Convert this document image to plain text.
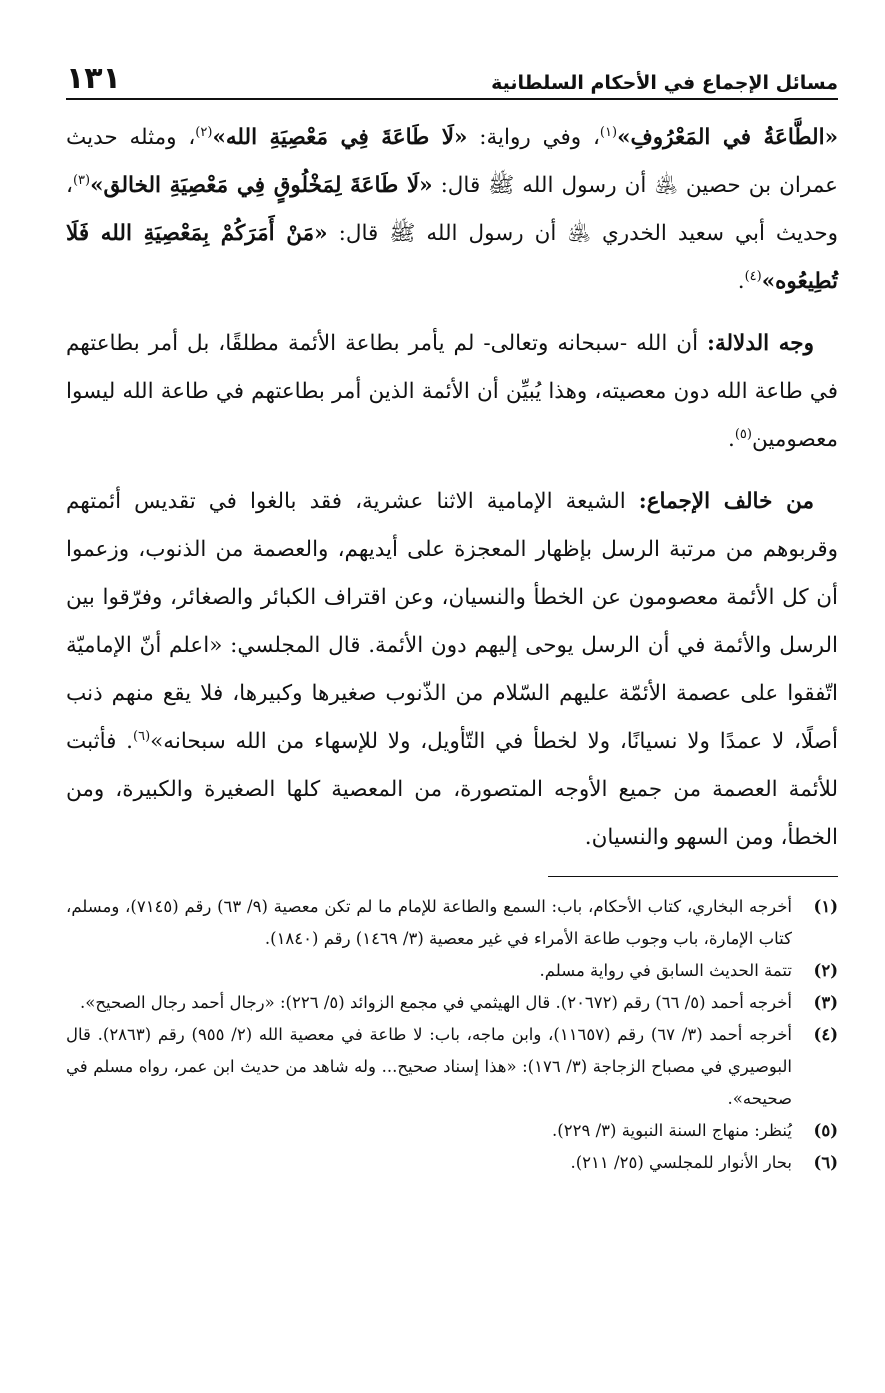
مسائل الإجماع في الأحكام السلطانية
١٣١

«الطَّاعَةُ في المَعْرُوفِ»$^{(١)}$، وفي رواية: «لَا طَاعَةَ فِي مَعْصِيَةِ الله»$^{(٢)}$، ومثله حديث عمران بن حصين ﵁ أن رسول الله ﷺ قال: «لَا طَاعَةَ لِمَخْلُوقٍ فِي مَعْصِيَةِ الخالق»$^{(٣)}$، وحديث أبي سعيد الخدري ﵁ أن رسول الله ﷺ قال: «مَنْ أَمَرَكُمْ بِمَعْصِيَةِ الله فَلَا تُطِيعُوه»$^{(٤)}$.

وجه الدلالة: أن الله -سبحانه وتعالى- لم يأمر بطاعة الأئمة مطلقًا، بل أمر بطاعتهم في طاعة الله دون معصيته، وهذا يُبيِّن أن الأئمة الذين أمر بطاعتهم في طاعة الله ليسوا معصومين$^{(٥)}$.

من خالف الإجماع: الشيعة الإمامية الاثنا عشرية، فقد بالغوا في تقديس أئمتهم وقربوهم من مرتبة الرسل بإظهار المعجزة على أيديهم، والعصمة من الذنوب، وزعموا أن كل الأئمة معصومون عن الخطأ والنسيان، وعن اقتراف الكبائر والصغائر، وفرّقوا بين الرسل والأئمة في أن الرسل يوحى إليهم دون الأئمة. قال المجلسي: «اعلم أنّ الإماميّة اتّفقوا على عصمة الأئمّة عليهم السّلام من الذّنوب صغيرها وكبيرها، فلا يقع منهم ذنب أصلًا، لا عمدًا ولا نسيانًا، ولا لخطأ في التّأويل، ولا للإسهاء من الله سبحانه»$^{(٦)}$. فأثبت للأئمة العصمة من جميع الأوجه المتصورة، من المعصية كلها الصغيرة والكبيرة، ومن الخطأ، ومن السهو والنسيان.

(١)
أخرجه البخاري، كتاب الأحكام، باب: السمع والطاعة للإمام ما لم تكن معصية (٩/ ٦٣) رقم (٧١٤٥)، ومسلم، كتاب الإمارة، باب وجوب طاعة الأمراء في غير معصية (٣/ ١٤٦٩) رقم (١٨٤٠).
(٢)
تتمة الحديث السابق في رواية مسلم.
(٣)
أخرجه أحمد (٥/ ٦٦) رقم (٢٠٦٧٢). قال الهيثمي في مجمع الزوائد (٥/ ٢٢٦): «رجال أحمد رجال الصحيح».
(٤)
أخرجه أحمد (٣/ ٦٧) رقم (١١٦٥٧)، وابن ماجه، باب: لا طاعة في معصية الله (٢/ ٩٥٥) رقم (٢٨٦٣). قال البوصيري في مصباح الزجاجة (٣/ ١٧٦): «هذا إسناد صحيح... وله شاهد من حديث ابن عمر، رواه مسلم في صحيحه».
(٥)
يُنظر: منهاج السنة النبوية (٣/ ٢٢٩).
(٦)
بحار الأنوار للمجلسي (٢٥/ ٢١١).
